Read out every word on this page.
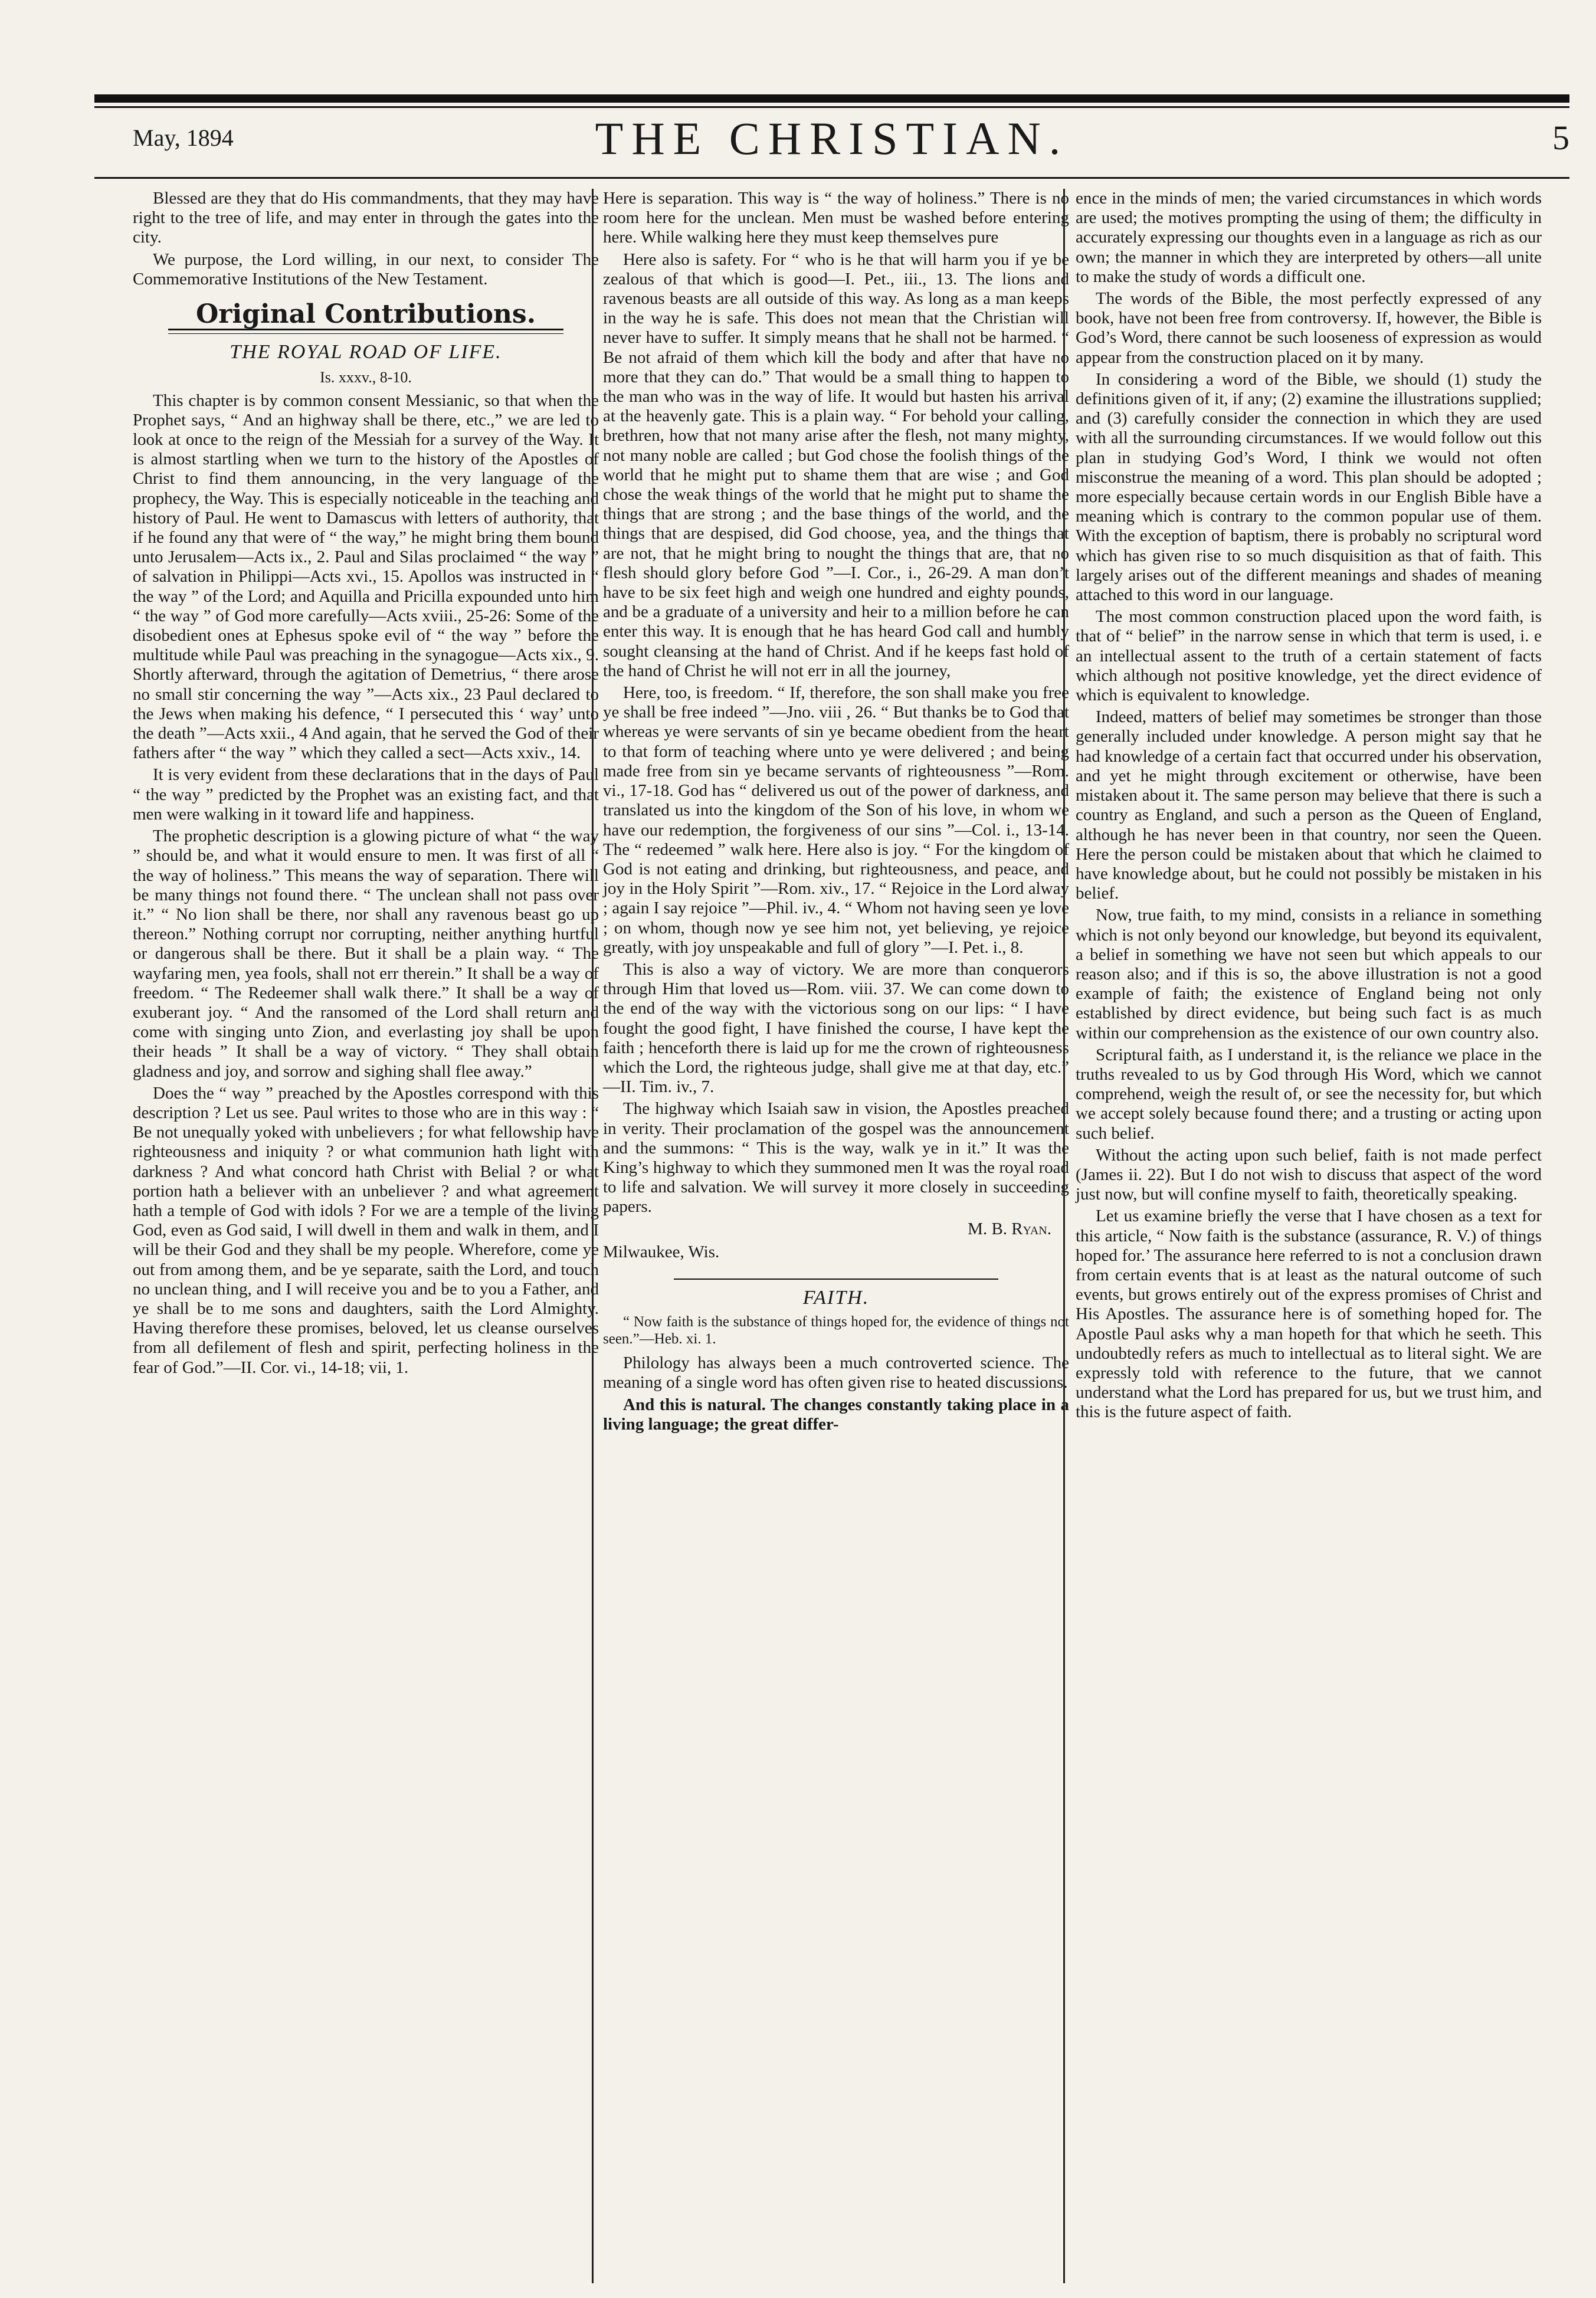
May, 1894	THE CHRISTIAN.	5

Blessed are they that do His commandments, that they may have right to the tree of life, and may enter in through the gates into the city.

We purpose, the Lord willing, in our next, to consider The Commemorative Institutions of the New Testament.

Original Contributions.
THE ROYAL ROAD OF LIFE.
Is. xxxv., 8-10.

This chapter is by common consent Messianic, so that when the Prophet says, “ And an highway shall be there, etc.,” we are led to look at once to the reign of the Messiah for a survey of the Way. It is almost startling when we turn to the history of the Apostles of Christ to find them announcing, in the very language of the prophecy, the Way. This is especially noticeable in the teaching and history of Paul. He went to Damascus with letters of authority, that if he found any that were of “ the way,” he might bring them bound unto Jerusalem—Acts ix., 2. Paul and Silas proclaimed “ the way ” of salvation in Philippi—Acts xvi., 15. Apollos was instructed in “ the way ” of the Lord; and Aquilla and Pricilla expounded unto him “ the way ” of God more carefully—Acts xviii., 25-26: Some of the disobedient ones at Ephesus spoke evil of “ the way ” before the multitude while Paul was preaching in the synagogue—Acts xix., 9. Shortly afterward, through the agitation of Demetrius, “ there arose no small stir concerning the way ”—Acts xix., 23 Paul declared to the Jews when making his defence, “ I persecuted this ‘ way’ unto the death ”—Acts xxii., 4 And again, that he served the God of their fathers after “ the way ” which they called a sect—Acts xxiv., 14.

It is very evident from these declarations that in the days of Paul “ the way ” predicted by the Prophet was an existing fact, and that men were walking in it toward life and happiness.

The prophetic description is a glowing picture of what “ the way ” should be, and what it would ensure to men. It was first of all “ the way of holiness.” This means the way of separation. There will be many things not found there. “ The unclean shall not pass over it.” “ No lion shall be there, nor shall any ravenous beast go up thereon.” Nothing corrupt nor corrupting, neither anything hurtful or dangerous shall be there. But it shall be a plain way. “ The wayfaring men, yea fools, shall not err therein.” It shall be a way of freedom. “ The Redeemer shall walk there.” It shall be a way of exuberant joy. “ And the ransomed of the Lord shall return and come with singing unto Zion, and everlasting joy shall be upon their heads ” It shall be a way of victory. “ They shall obtain gladness and joy, and sorrow and sighing shall flee away.”

Does the “ way ” preached by the Apostles correspond with this description ? Let us see. Paul writes to those who are in this way : “ Be not unequally yoked with unbelievers ; for what fellowship have righteousness and iniquity ? or what communion hath light with darkness ? And what concord hath Christ with Belial ? or what portion hath a believer with an unbeliever ? and what agreement hath a temple of God with idols ? For we are a temple of the living God, even as God said, I will dwell in them and walk in them, and I will be their God and they shall be my people. Wherefore, come ye out from among them, and be ye separate, saith the Lord, and touch no unclean thing, and I will receive you and be to you a Father, and ye shall be to me sons and daughters, saith the Lord Almighty. Having therefore these promises, beloved, let us cleanse ourselves from all defilement of flesh and spirit, perfecting holiness in the fear of God.”—II. Cor. vi., 14-18; vii, 1.

Here is separation. This way is “ the way of holiness.” There is no room here for the unclean. Men must be washed before entering here. While walking here they must keep themselves pure

Here also is safety. For “ who is he that will harm you if ye be zealous of that which is good—I. Pet., iii., 13. The lions and ravenous beasts are all outside of this way. As long as a man keeps in the way he is safe. This does not mean that the Christian will never have to suffer. It simply means that he shall not be harmed. “ Be not afraid of them which kill the body and after that have no more that they can do.” That would be a small thing to happen to the man who was in the way of life. It would but hasten his arrival at the heavenly gate. This is a plain way. “ For behold your calling, brethren, how that not many arise after the flesh, not many mighty, not many noble are called ; but God chose the foolish things of the world that he might put to shame them that are wise ; and God chose the weak things of the world that he might put to shame the things that are strong ; and the base things of the world, and the things that are despised, did God choose, yea, and the things that are not, that he might bring to nought the things that are, that no flesh should glory before God ”—I. Cor., i., 26-29. A man don’t have to be six feet high and weigh one hundred and eighty pounds, and be a graduate of a university and heir to a million before he can enter this way. It is enough that he has heard God call and humbly sought cleansing at the hand of Christ. And if he keeps fast hold of the hand of Christ he will not err in all the journey,

Here, too, is freedom. “ If, therefore, the son shall make you free ye shall be free indeed ”—Jno. viii , 26. “ But thanks be to God that whereas ye were servants of sin ye became obedient from the heart to that form of teaching where unto ye were delivered ; and being made free from sin ye became servants of righteousness ”—Rom. vi., 17-18. God has “ delivered us out of the power of darkness, and translated us into the kingdom of the Son of his love, in whom we have our redemption, the forgiveness of our sins ”—Col. i., 13-14. The “ redeemed ” walk here. Here also is joy. “ For the kingdom of God is not eating and drinking, but righteousness, and peace, and joy in the Holy Spirit ”—Rom. xiv., 17. “ Rejoice in the Lord alway ; again I say rejoice ”—Phil. iv., 4. “ Whom not having seen ye love ; on whom, though now ye see him not, yet believing, ye rejoice greatly, with joy unspeakable and full of glory ”—I. Pet. i., 8.

This is also a way of victory. We are more than conquerors through Him that loved us—Rom. viii. 37. We can come down to the end of the way with the victorious song on our lips: “ I have fought the good fight, I have finished the course, I have kept the faith ; henceforth there is laid up for me the crown of righteousness which the Lord, the righteous judge, shall give me at that day, etc.” —II. Tim. iv., 7.

The highway which Isaiah saw in vision, the Apostles preached in verity. Their proclamation of the gospel was the announcement and the summons: “ This is the way, walk ye in it.” It was the King’s highway to which they summoned men It was the royal road to life and salvation. We will survey it more closely in succeeding papers.

M. B. Ryan.
Milwaukee, Wis.
FAITH.
“ Now faith is the substance of things hoped for, the evidence of things not seen.”—Heb. xi. 1.

Philology has always been a much controverted science. The meaning of a single word has often given rise to heated discussions.

And this is natural. The changes constantly taking place in a living language; the great differ-

ence in the minds of men; the varied circumstances in which words are used; the motives prompting the using of them; the difficulty in accurately expressing our thoughts even in a language as rich as our own; the manner in which they are interpreted by others—all unite to make the study of words a difficult one.

The words of the Bible, the most perfectly expressed of any book, have not been free from controversy. If, however, the Bible is God’s Word, there cannot be such looseness of expression as would appear from the construction placed on it by many.

In considering a word of the Bible, we should (1) study the definitions given of it, if any; (2) examine the illustrations supplied; and (3) carefully consider the connection in which they are used with all the surrounding circumstances. If we would follow out this plan in studying God’s Word, I think we would not often misconstrue the meaning of a word. This plan should be adopted ; more especially because certain words in our English Bible have a meaning which is contrary to the common popular use of them. With the exception of baptism, there is probably no scriptural word which has given rise to so much disquisition as that of faith. This largely arises out of the different meanings and shades of meaning attached to this word in our language.

The most common construction placed upon the word faith, is that of “ belief” in the narrow sense in which that term is used, i. e an intellectual assent to the truth of a certain statement of facts which although not positive knowledge, yet the direct evidence of which is equivalent to knowledge.

Indeed, matters of belief may sometimes be stronger than those generally included under knowledge. A person might say that he had knowledge of a certain fact that occurred under his observation, and yet he might through excitement or otherwise, have been mistaken about it. The same person may believe that there is such a country as England, and such a person as the Queen of England, although he has never been in that country, nor seen the Queen. Here the person could be mistaken about that which he claimed to have knowledge about, but he could not possibly be mistaken in his belief.

Now, true faith, to my mind, consists in a reliance in something which is not only beyond our knowledge, but beyond its equivalent, a belief in something we have not seen but which appeals to our reason also; and if this is so, the above illustration is not a good example of faith; the existence of England being not only established by direct evidence, but being such fact is as much within our comprehension as the existence of our own country also.

Scriptural faith, as I understand it, is the reliance we place in the truths revealed to us by God through His Word, which we cannot comprehend, weigh the result of, or see the necessity for, but which we accept solely because found there; and a trusting or acting upon such belief.

Without the acting upon such belief, faith is not made perfect (James ii. 22). But I do not wish to discuss that aspect of the word just now, but will confine myself to faith, theoretically speaking.

Let us examine briefly the verse that I have chosen as a text for this article, “ Now faith is the substance (assurance, R. V.) of things hoped for.’ The assurance here referred to is not a conclusion drawn from certain events that is at least as the natural outcome of such events, but grows entirely out of the express promises of Christ and His Apostles. The assurance here is of something hoped for. The Apostle Paul asks why a man hopeth for that which he seeth. This undoubtedly refers as much to intellectual as to literal sight. We are expressly told with reference to the future, that we cannot understand what the Lord has prepared for us, but we trust him, and this is the future aspect of faith.
